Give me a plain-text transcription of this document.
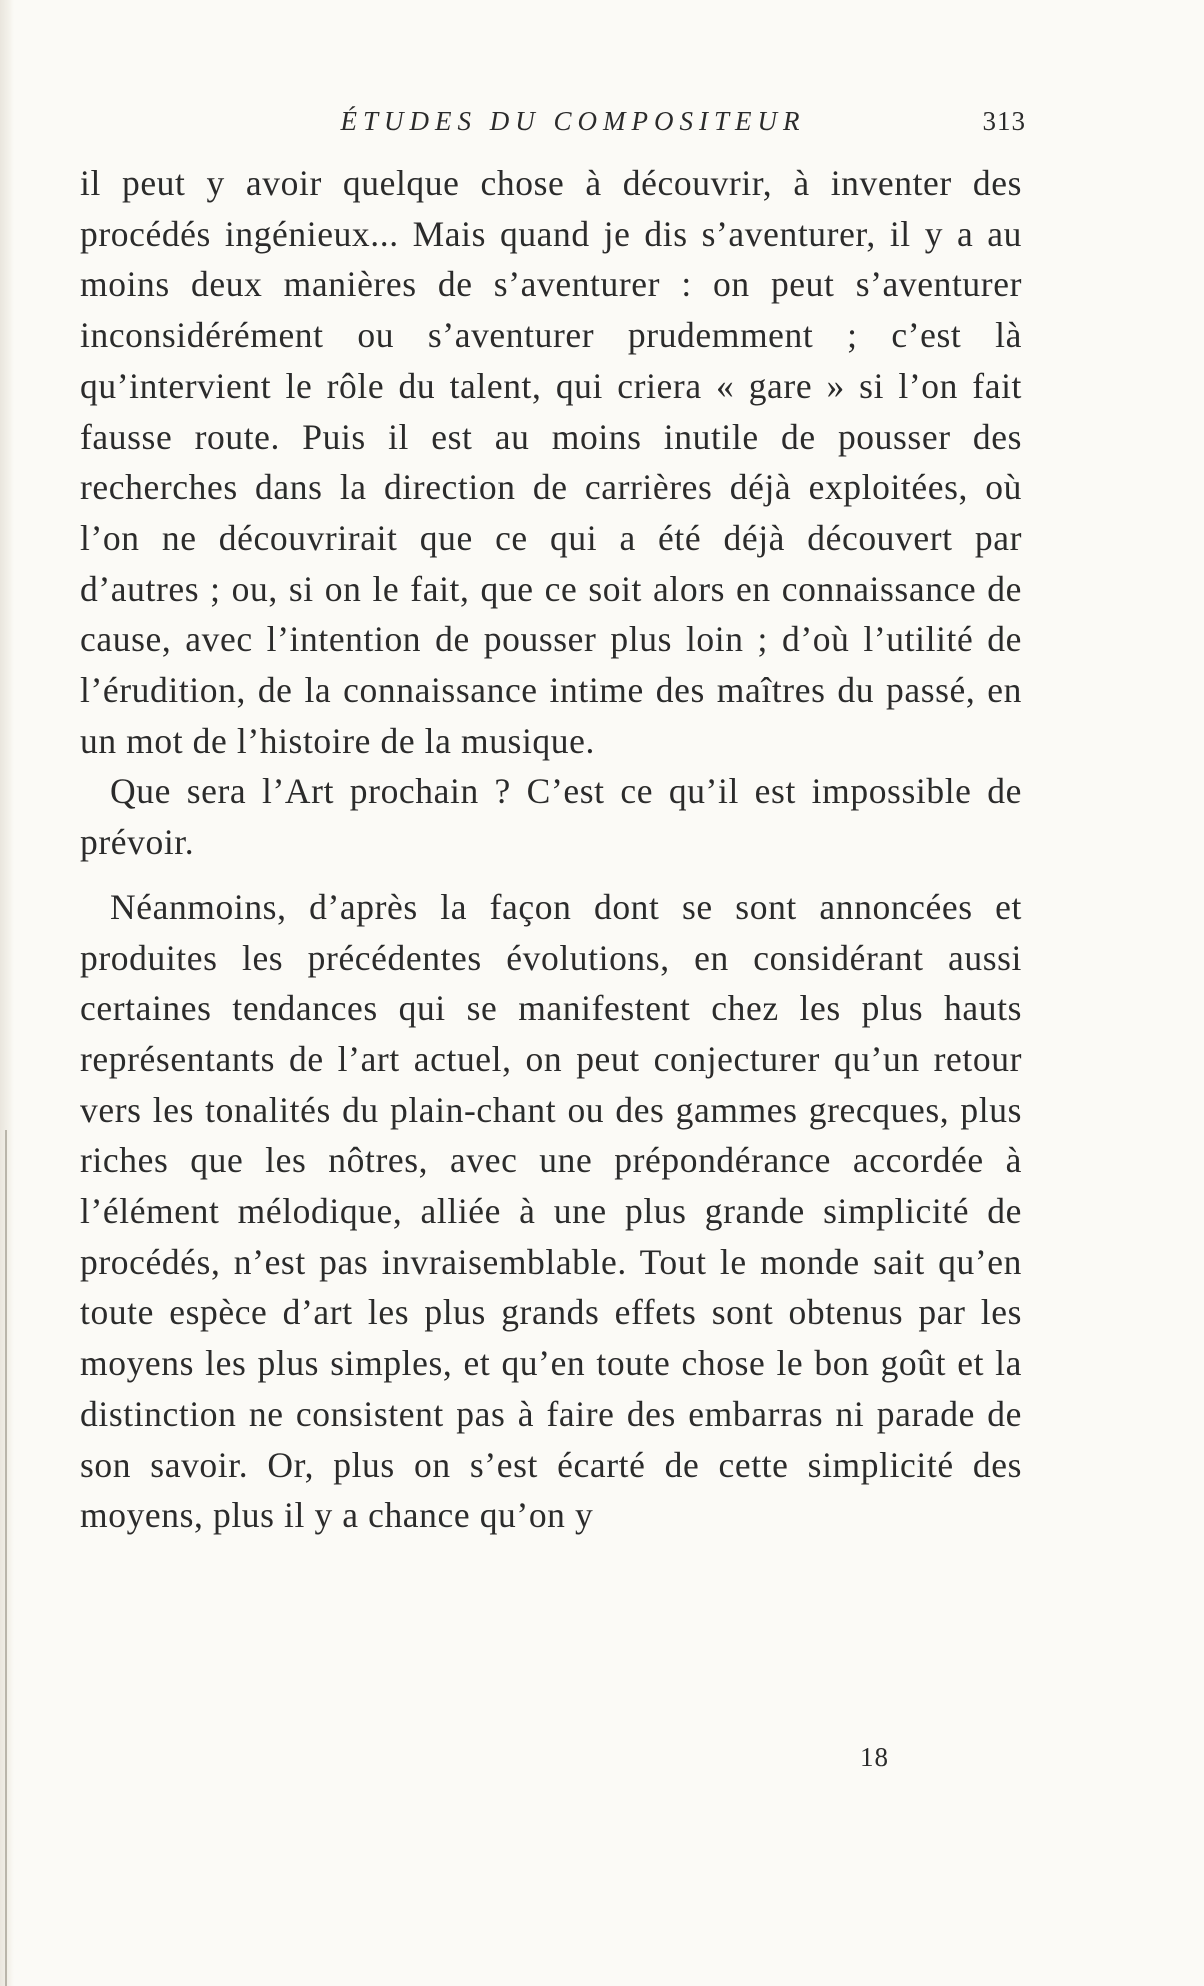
ÉTUDES DU COMPOSITEUR	313

il peut y avoir quelque chose à découvrir, à inventer des procédés ingénieux... Mais quand je dis s’aventurer, il y a au moins deux manières de s’aventurer : on peut s’aventurer inconsidérément ou s’aventurer prudemment ; c’est là qu’intervient le rôle du talent, qui criera « gare » si l’on fait fausse route. Puis il est au moins inutile de pousser des recherches dans la direction de carrières déjà exploitées, où l’on ne découvrirait que ce qui a été déjà découvert par d’autres ; ou, si on le fait, que ce soit alors en connaissance de cause, avec l’intention de pousser plus loin ; d’où l’utilité de l’érudition, de la connaissance intime des maîtres du passé, en un mot de l’histoire de la musique.

Que sera l’Art prochain ? C’est ce qu’il est impossible de prévoir.

Néanmoins, d’après la façon dont se sont annoncées et produites les précédentes évolutions, en considérant aussi certaines tendances qui se manifestent chez les plus hauts représentants de l’art actuel, on peut conjecturer qu’un retour vers les tonalités du plain-chant ou des gammes grecques, plus riches que les nôtres, avec une prépondérance accordée à l’élément mélodique, alliée à une plus grande simplicité de procédés, n’est pas invraisemblable. Tout le monde sait qu’en toute espèce d’art les plus grands effets sont obtenus par les moyens les plus simples, et qu’en toute chose le bon goût et la distinction ne consistent pas à faire des embarras ni parade de son savoir. Or, plus on s’est écarté de cette simplicité des moyens, plus il y a chance qu’on y

18
